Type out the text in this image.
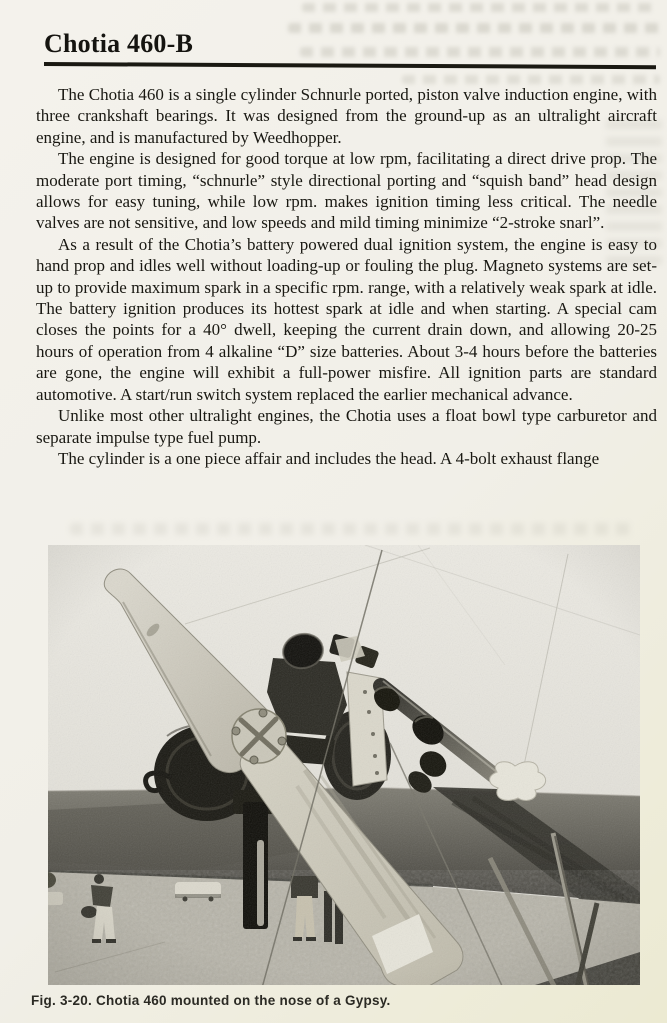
Chotia 460-B

The Chotia 460 is a single cylinder Schnurle ported, piston valve induction engine, with three crankshaft bearings. It was designed from the ground-up as an ultralight aircraft engine, and is manufactured by Weedhopper.

The engine is designed for good torque at low rpm, facilitating a direct drive prop. The moderate port timing, “schnurle” style directional porting and “squish band” head design allows for easy tuning, while low rpm. makes ignition timing less critical. The needle valves are not sensitive, and low speeds and mild timing minimize “2-stroke snarl”.

As a result of the Chotia’s battery powered dual ignition system, the engine is easy to hand prop and idles well without loading-up or fouling the plug. Magneto systems are set-up to provide maximum spark in a specific rpm. range, with a relatively weak spark at idle. The battery ignition produces its hottest spark at idle and when starting. A special cam closes the points for a 40° dwell, keeping the current drain down, and allowing 20-25 hours of operation from 4 alkaline “D” size batteries. About 3-4 hours before the batteries are gone, the engine will exhibit a full-power misfire. All ignition parts are standard automotive. A start/run switch system replaced the earlier mechanical advance.

Unlike most other ultralight engines, the Chotia uses a float bowl type carburetor and separate impulse type fuel pump.

The cylinder is a one piece affair and includes the head. A 4-bolt exhaust flange

Fig. 3-20. Chotia 460 mounted on the nose of a Gypsy.
